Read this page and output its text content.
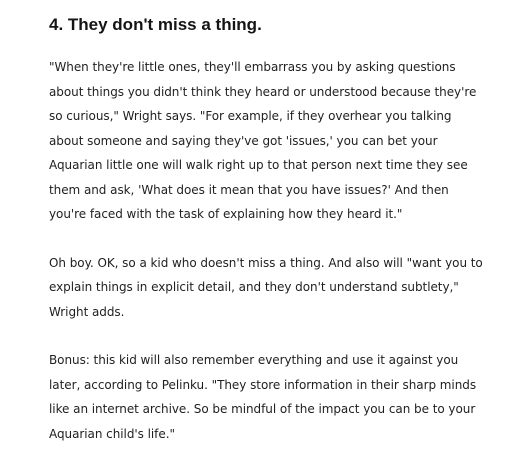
4. They don't miss a thing.

"When they're little ones, they'll embarrass you by asking questions about things you didn't think they heard or understood because they're so curious," Wright says. "For example, if they overhear you talking about someone and saying they've got 'issues,' you can bet your Aquarian little one will walk right up to that person next time they see them and ask, 'What does it mean that you have issues?' And then you're faced with the task of explaining how they heard it."

Oh boy. OK, so a kid who doesn't miss a thing. And also will "want you to explain things in explicit detail, and they don't understand subtlety," Wright adds.

Bonus: this kid will also remember everything and use it against you later, according to Pelinku. "They store information in their sharp minds like an internet archive. So be mindful of the impact you can be to your Aquarian child's life."
